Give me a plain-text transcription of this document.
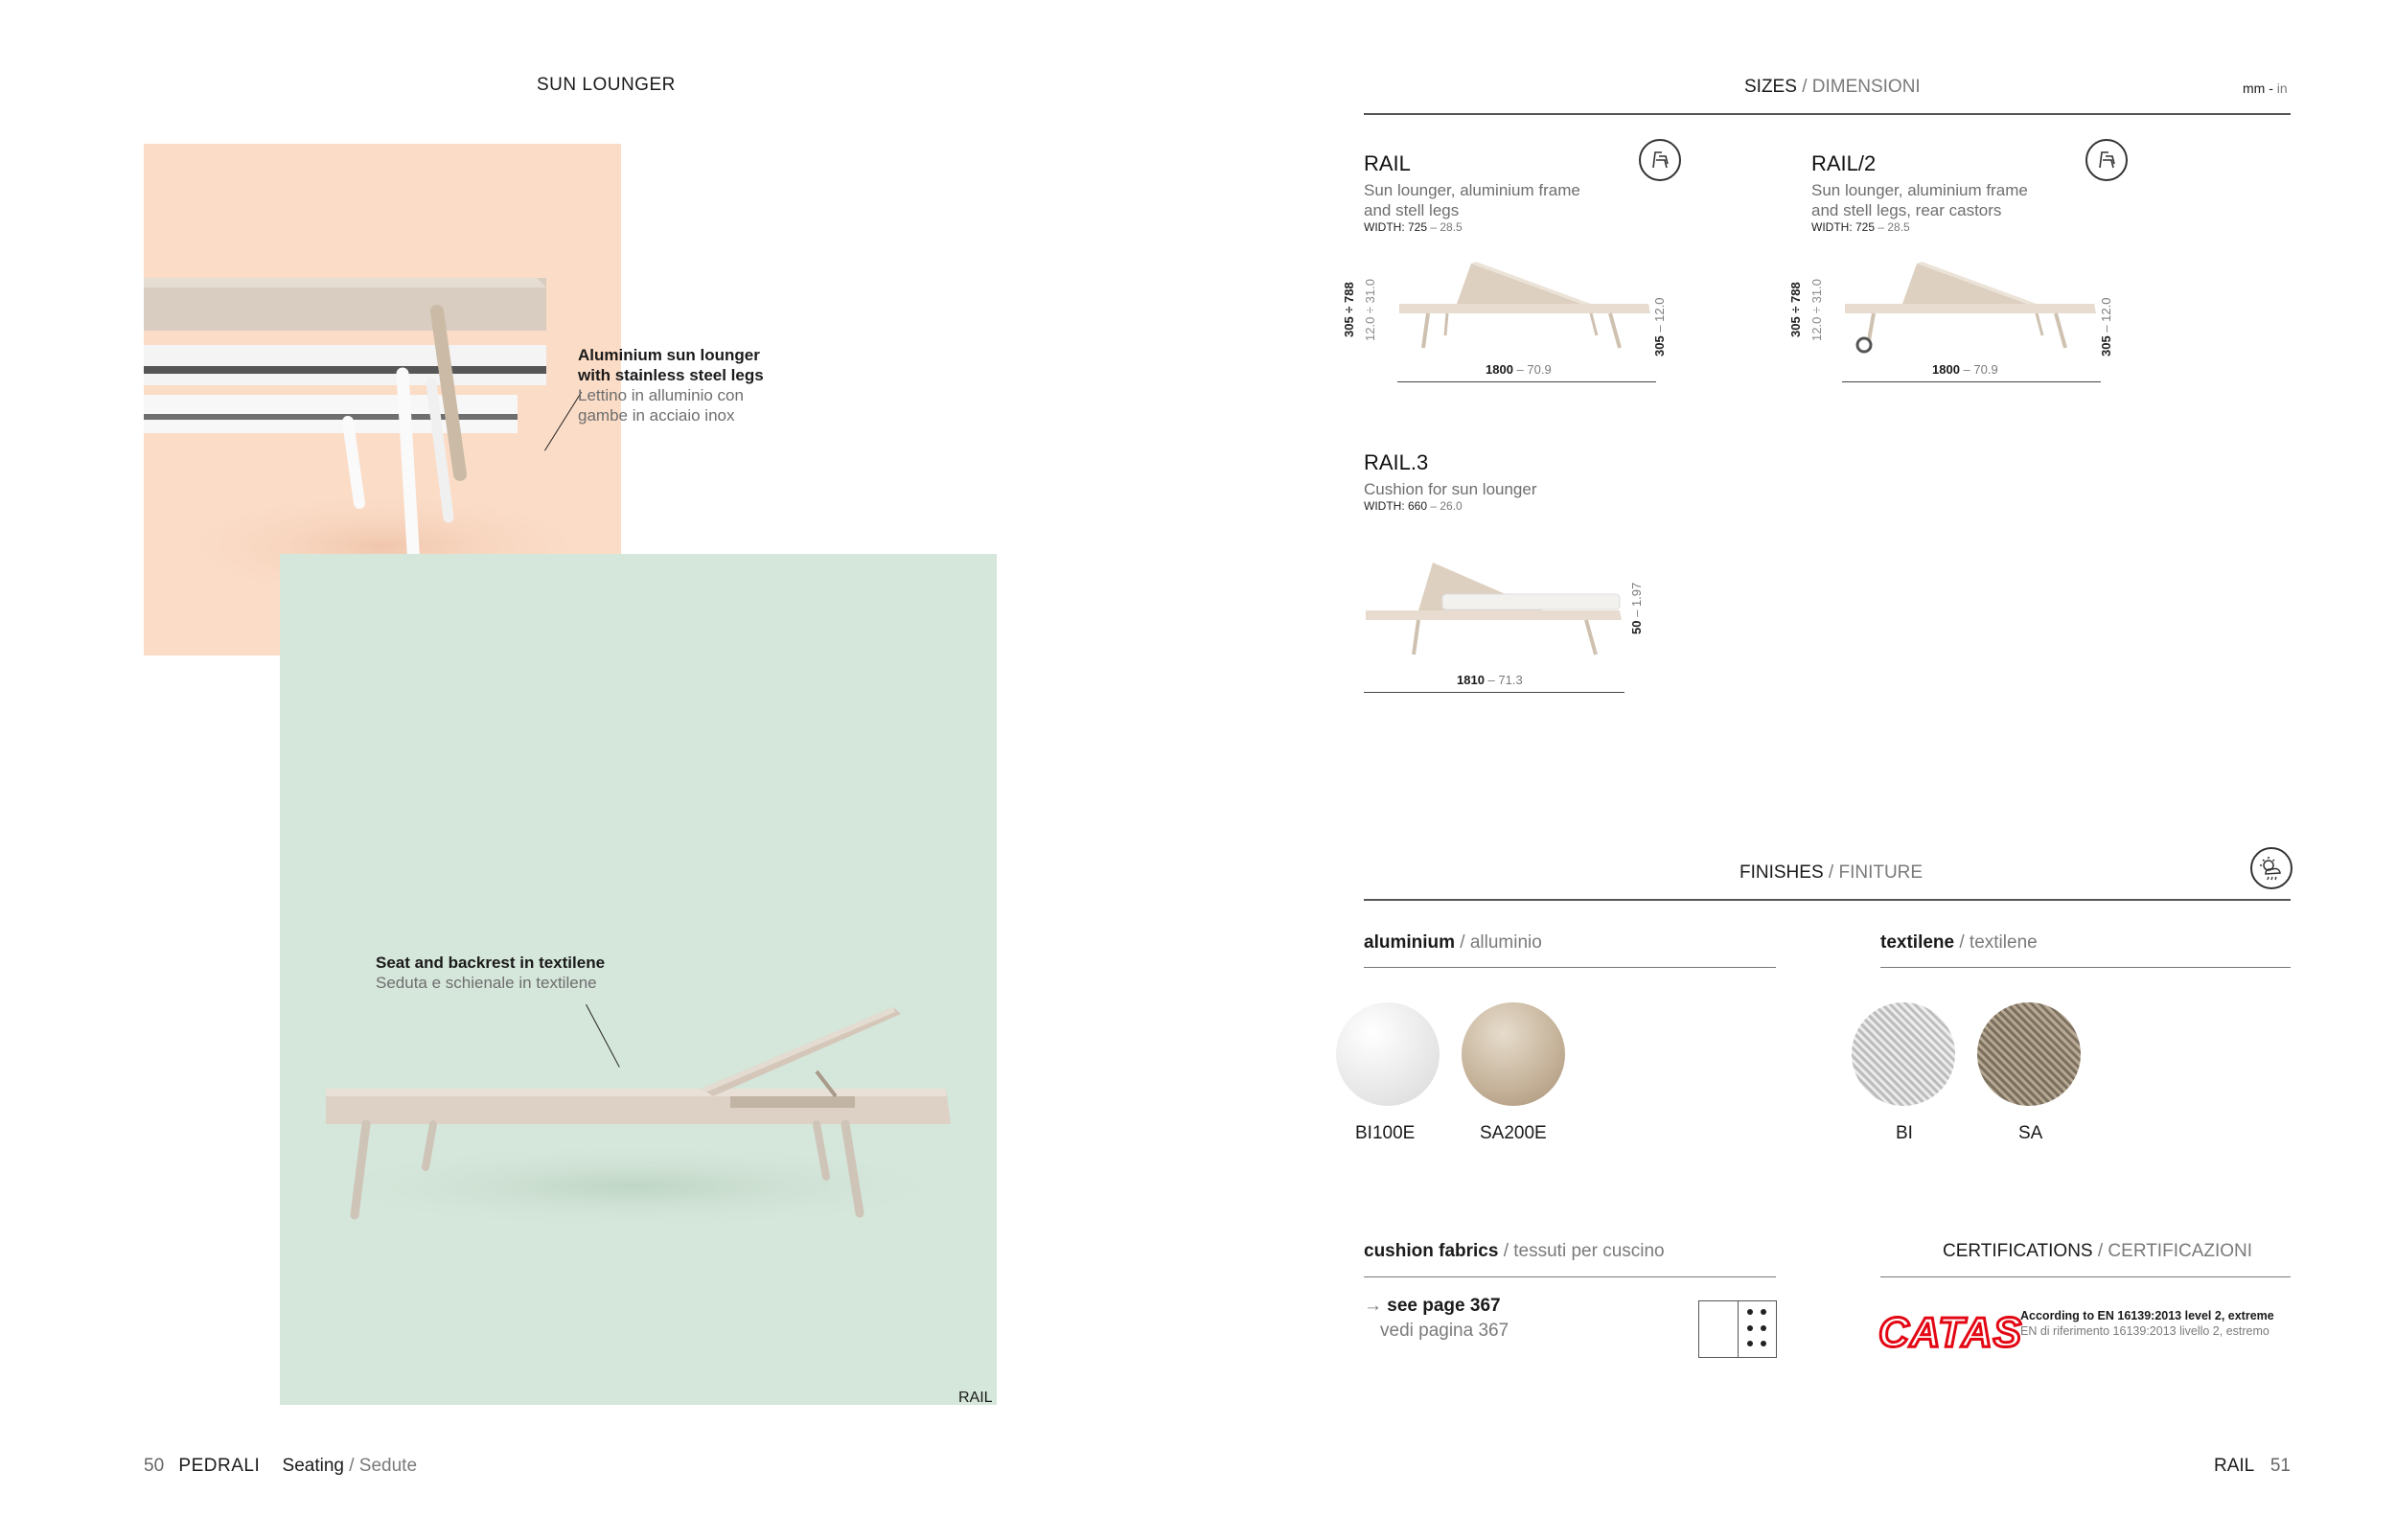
SUN LOUNGER
Aluminium sun lounger with stainless steel legs
Lettino in alluminio con gambe in acciaio inox
Seat and backrest in textilene
Seduta e schienale in textilene
RAIL
50 PEDRALI Seating / Sedute
SIZES / DIMENSIONI	mm - in
RAIL
Sun lounger, aluminium frame and stell legs
WIDTH: 725 – 28.5
305 ÷ 788 12.0 ÷ 31.0
305 – 12.0
1800 – 70.9
RAIL/2
Sun lounger, aluminium frame and stell legs, rear castors
WIDTH: 725 – 28.5
305 ÷ 788 12.0 ÷ 31.0
305 – 12.0
1800 – 70.9
RAIL.3
Cushion for sun lounger
WIDTH: 660 – 26.0
50 – 1.97
1810 – 71.3
FINISHES / FINITURE
aluminium / alluminio	textilene / textilene
BI100E	SA200E	BI	SA
cushion fabrics / tessuti per cuscino
→ see page 367
vedi pagina 367
CERTIFICATIONS / CERTIFICAZIONI
CATAS
According to EN 16139:2013 level 2, extreme
EN di riferimento 16139:2013 livello 2, estremo
RAIL 51
